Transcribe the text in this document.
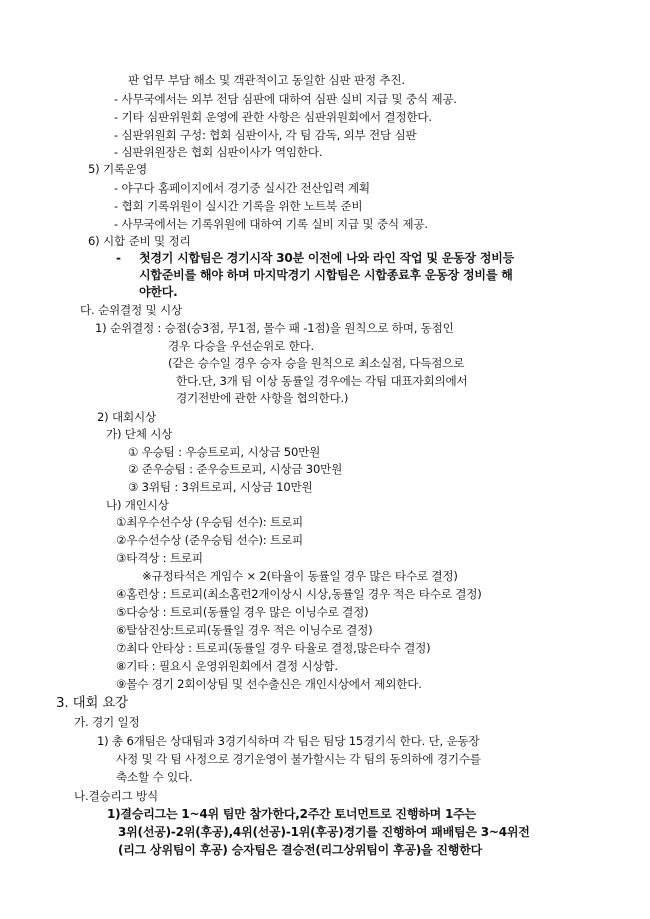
판 업무 부담 해소 및 객관적이고 동일한 심판 판정 추진.
- 사무국에서는 외부 전담 심판에 대하여 심판 실비 지급 및 중식 제공.
- 기타 심판위원회 운영에 관한 사항은 심판위원회에서 결정한다.
- 심판위원회 구성: 협회 심판이사, 각 팀 감독, 외부 전담 심판
- 심판위원장은 협회 심판이사가 역임한다.
5) 기록운영
- 야구다 홈페이지에서 경기중 실시간 전산입력 계획
- 협회 기록위원이 실시간 기록을 위한 노트북 준비
- 사무국에서는 기록위원에 대하여 기록 실비 지급 및 중식 제공.
6) 시합 준비 및 정리
- 첫경기 시합팀은 경기시작 30분 이전에 나와 라인 작업 및 운동장 정비등
시합준비를 해야 하며 마지막경기 시합팀은 시합종료후 운동장 정비를 해
야한다.
다. 순위결정 및 시상
1) 순위결정 : 승점(승3점, 무1점, 몰수 패 -1점)을 원칙으로 하며, 동점인
경우 다승을 우선순위로 한다.
(같은 승수일 경우 승자 승을 원칙으로 최소실점, 다득점으로
한다.단, 3개 팀 이상 동률일 경우에는 각팀 대표자회의에서
경기전반에 관한 사항을 협의한다.)
2) 대회시상
가) 단체 시상
① 우승팀 : 우승트로피, 시상금 50만원
② 준우승팀 : 준우승트로피, 시상금 30만원
③ 3위팀 : 3위트로피, 시상금 10만원
나) 개인시상
①최우수선수상 (우승팀 선수): 트로피
②우수선수상 (준우승팀 선수): 트로피
③타격상 : 트로피
※규정타석은 게임수 × 2(타율이 동률일 경우 많은 타수로 결정)
④홈런상 : 트로피(최소홈런2개이상시 시상,동률일 경우 적은 타수로 결정)
⑤다승상 : 트로피(동률일 경우 많은 이닝수로 결정)
⑥탈삼진상:트로피(동률일 경우 적은 이닝수로 결정)
⑦최다 안타상 : 트로피(동률일 경우 타율로 결정,많은타수 결정)
⑧기타 : 필요시 운영위원회에서 결정 시상함.
⑨몰수 경기 2회이상팀 및 선수출신은 개인시상에서 제외한다.
3. 대회 요강
가. 경기 일정
1) 총 6개팀은 상대팀과 3경기식하며 각 팀은 팀당 15경기식 한다. 단, 운동장
사정 및 각 팀 사정으로 경기운영이 불가할시는 각 팀의 동의하에 경기수를
축소할 수 있다.
나.결승리그 방식
1)결승리그는 1~4위 팀만 참가한다,2주간 토너먼트로 진행하며 1주는
3위(선공)-2위(후공),4위(선공)-1위(후공)경기를 진행하여 패배팀은 3~4위전
(리그 상위팀이 후공) 승자팀은 결승전(리그상위팀이 후공)을 진행한다
